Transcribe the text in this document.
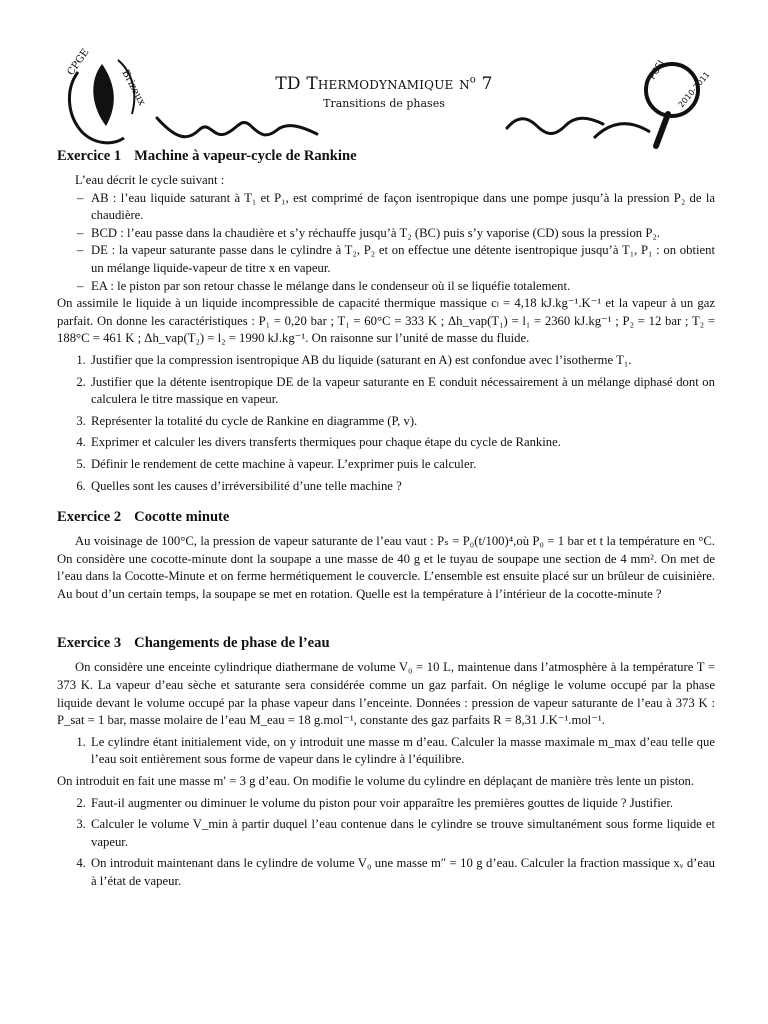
CPGE
Brizeux	TD Thermodynamique $n^o$ 7
Transitions de phases
PCSI 2010-2011
Exercice 1 Machine à vapeur-cycle de Rankine

L’eau décrit le cycle suivant :

– AB : l’eau liquide saturant à T₁ et P₁, est comprimé de façon isentropique dans une pompe jusqu’à la pression P₂ de la chaudière.
– BCD : l’eau passe dans la chaudière et s’y réchauffe jusqu’à T₂ (BC) puis s’y vaporise (CD) sous la pression P₂.
– DE : la vapeur saturante passe dans le cylindre à T₂, P₂ et on effectue une détente isentropique jusqu’à T₁, P₁ : on obtient un mélange liquide-vapeur de titre x en vapeur.
– EA : le piston par son retour chasse le mélange dans le condenseur où il se liquéfie totalement.

On assimile le liquide à un liquide incompressible de capacité thermique massique cₗ = 4,18 kJ.kg⁻¹.K⁻¹ et la vapeur à un gaz parfait. On donne les caractéristiques : P₁ = 0,20 bar ; T₁ = 60°C = 333 K ; Δh_vap(T₁) = l₁ = 2360 kJ.kg⁻¹ ; P₂ = 12 bar ; T₂ = 188°C = 461 K ; Δh_vap(T₂) = l₂ = 1990 kJ.kg⁻¹. On raisonne sur l’unité de masse du fluide.

1. Justifier que la compression isentropique AB du liquide (saturant en A) est confondue avec l’isotherme T₁.
2. Justifier que la détente isentropique DE de la vapeur saturante en E conduit nécessairement à un mélange diphasé dont on calculera le titre massique en vapeur.
3. Représenter la totalité du cycle de Rankine en diagramme (P, v).
4. Exprimer et calculer les divers transferts thermiques pour chaque étape du cycle de Rankine.
5. Définir le rendement de cette machine à vapeur. L’exprimer puis le calculer.
6. Quelles sont les causes d’irréversibilité d’une telle machine ?
Exercice 2 Cocotte minute

Au voisinage de 100°C, la pression de vapeur saturante de l’eau vaut : Pₛ = P₀(t/100)⁴,où P₀ = 1 bar et t la température en °C. On considère une cocotte-minute dont la soupape a une masse de 40 g et le tuyau de soupape une section de 4 mm². On met de l’eau dans la Cocotte-Minute et on ferme hermétiquement le couvercle. L’ensemble est ensuite placé sur un brûleur de cuisinière. Au bout d’un certain temps, la soupape se met en rotation. Quelle est la température à l’intérieur de la cocotte-minute ?

Exercice 3 Changements de phase de l’eau

On considère une enceinte cylindrique diathermane de volume V₀ = 10 L, maintenue dans l’atmosphère à la température T = 373 K. La vapeur d’eau sèche et saturante sera considérée comme un gaz parfait. On néglige le volume occupé par la phase liquide devant le volume occupé par la phase vapeur dans l’enceinte. Données : pression de vapeur saturante de l’eau à 373 K : P_sat = 1 bar, masse molaire de l’eau M_eau = 18 g.mol⁻¹, constante des gaz parfaits R = 8,31 J.K⁻¹.mol⁻¹.

1. Le cylindre étant initialement vide, on y introduit une masse m d’eau. Calculer la masse maximale m_max d’eau telle que l’eau soit entièrement sous forme de vapeur dans le cylindre à l’équilibre.

On introduit en fait une masse m′ = 3 g d’eau. On modifie le volume du cylindre en déplaçant de manière très lente un piston.

2. Faut-il augmenter ou diminuer le volume du piston pour voir apparaître les premières gouttes de liquide ? Justifier.
3. Calculer le volume V_min à partir duquel l’eau contenue dans le cylindre se trouve simultanément sous forme liquide et vapeur.
4. On introduit maintenant dans le cylindre de volume V₀ une masse m″ = 10 g d’eau. Calculer la fraction massique xᵥ d’eau à l’état de vapeur.
